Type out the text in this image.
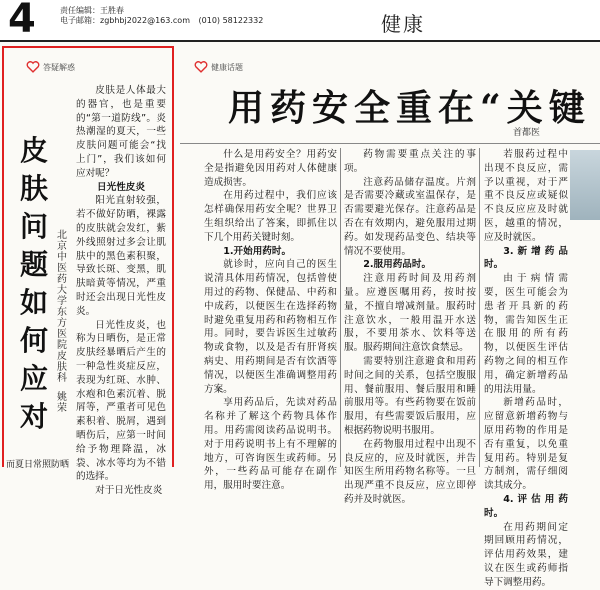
4	责任编辑：王胜春
电子邮箱：zgbhbj2022@163.com (010) 58122332	健康
答疑解惑
皮
肤
问
题
如
何
应
对
北京中医药大学东方医院皮肤科
姚荣

皮肤是人体最大的器官，也是重要的“第一道防线”。炎热潮湿的夏天，一些皮肤问题可能会“找上门”，我们该如何应对呢？

日光性皮炎

阳光直射较强，若不做好防晒，裸露的皮肤就会发红，紫外线照射过多会让肌肤中的黑色素积聚，导致长斑、变黑，肌肤暗黄等情况，严重时还会出现日光性皮炎。

日光性皮炎，也称为日晒伤，是正常皮肤经暴晒后产生的一种急性炎症反应，表现为红斑、水肿、水疱和色素沉着、脱屑等，严重者可见色素积着、脱屑，遇到晒伤后，应第一时间给予物理降温，冰袋、冰水等均为不错的选择。

对于日光性皮炎

而夏日常照防晒
健康话题
用药安全重在“关键
首都医

什么是用药安全？用药安全是指避免因用药对人体健康造成损害。

在用药过程中，我们应该怎样确保用药安全呢？世界卫生组织给出了答案，即抓住以下几个用药关键时刻。

1.开始用药时。

就诊时，应向自己的医生说清具体用药情况，包括曾使用过的药物、保健品、中药和中成药，以便医生在选择药物时避免重复用药和药物相互作用。同时，要告诉医生过敏药物或食物，以及是否有肝肾疾病史、用药期间是否有饮酒等情况，以便医生准确调整用药方案。

享用药品后，先读对药品名称并了解这个药物具体作用。用药需阅读药品说明书。对于用药说明书上有不理解的地方，可咨询医生或药师。另外，一些药品可能存在副作用，服用时要注意。

药物需要重点关注的事项。

注意药品储存温度。片剂是否需要冷藏或室温保存，是否需要避光保存。注意药品是否在有效期内，避免服用过期药。如发现药品变色、结块等情况不要使用。

2.服用药品时。

注意用药时间及用药剂量。应遵医嘱用药，按时按量，不擅自增减剂量。服药时注意饮水，一般用温开水送服，不要用茶水、饮料等送服。服药期间注意饮食禁忌。

需要特别注意避食和用药时间之间的关系，包括空腹服用、餐前服用、餐后服用和睡前服用等。有些药物要在饭前服用，有些需要饭后服用，应根据药物说明书服用。

在药物服用过程中出现不良反应的，应及时就医，并告知医生所用药物名称等。一旦出现严重不良反应，应立即停药并及时就医。

若服药过程中出现不良反应，需予以重视，对于严重不良反应或疑似不良反应应及时就医，越重的情况，应及时就医。

3.新增药品时。

由于病情需要，医生可能会为患者开具新的药物，需告知医生正在服用的所有药物，以便医生评估药物之间的相互作用，确定新增药品的用法用量。

新增药品时，应留意新增药物与原用药物的作用是否有重复，以免重复用药。特别是复方制剂，需仔细阅读其成分。

4.评估用药时。

在用药期间定期回顾用药情况，评估用药效果，建议在医生或药师指导下调整用药。
